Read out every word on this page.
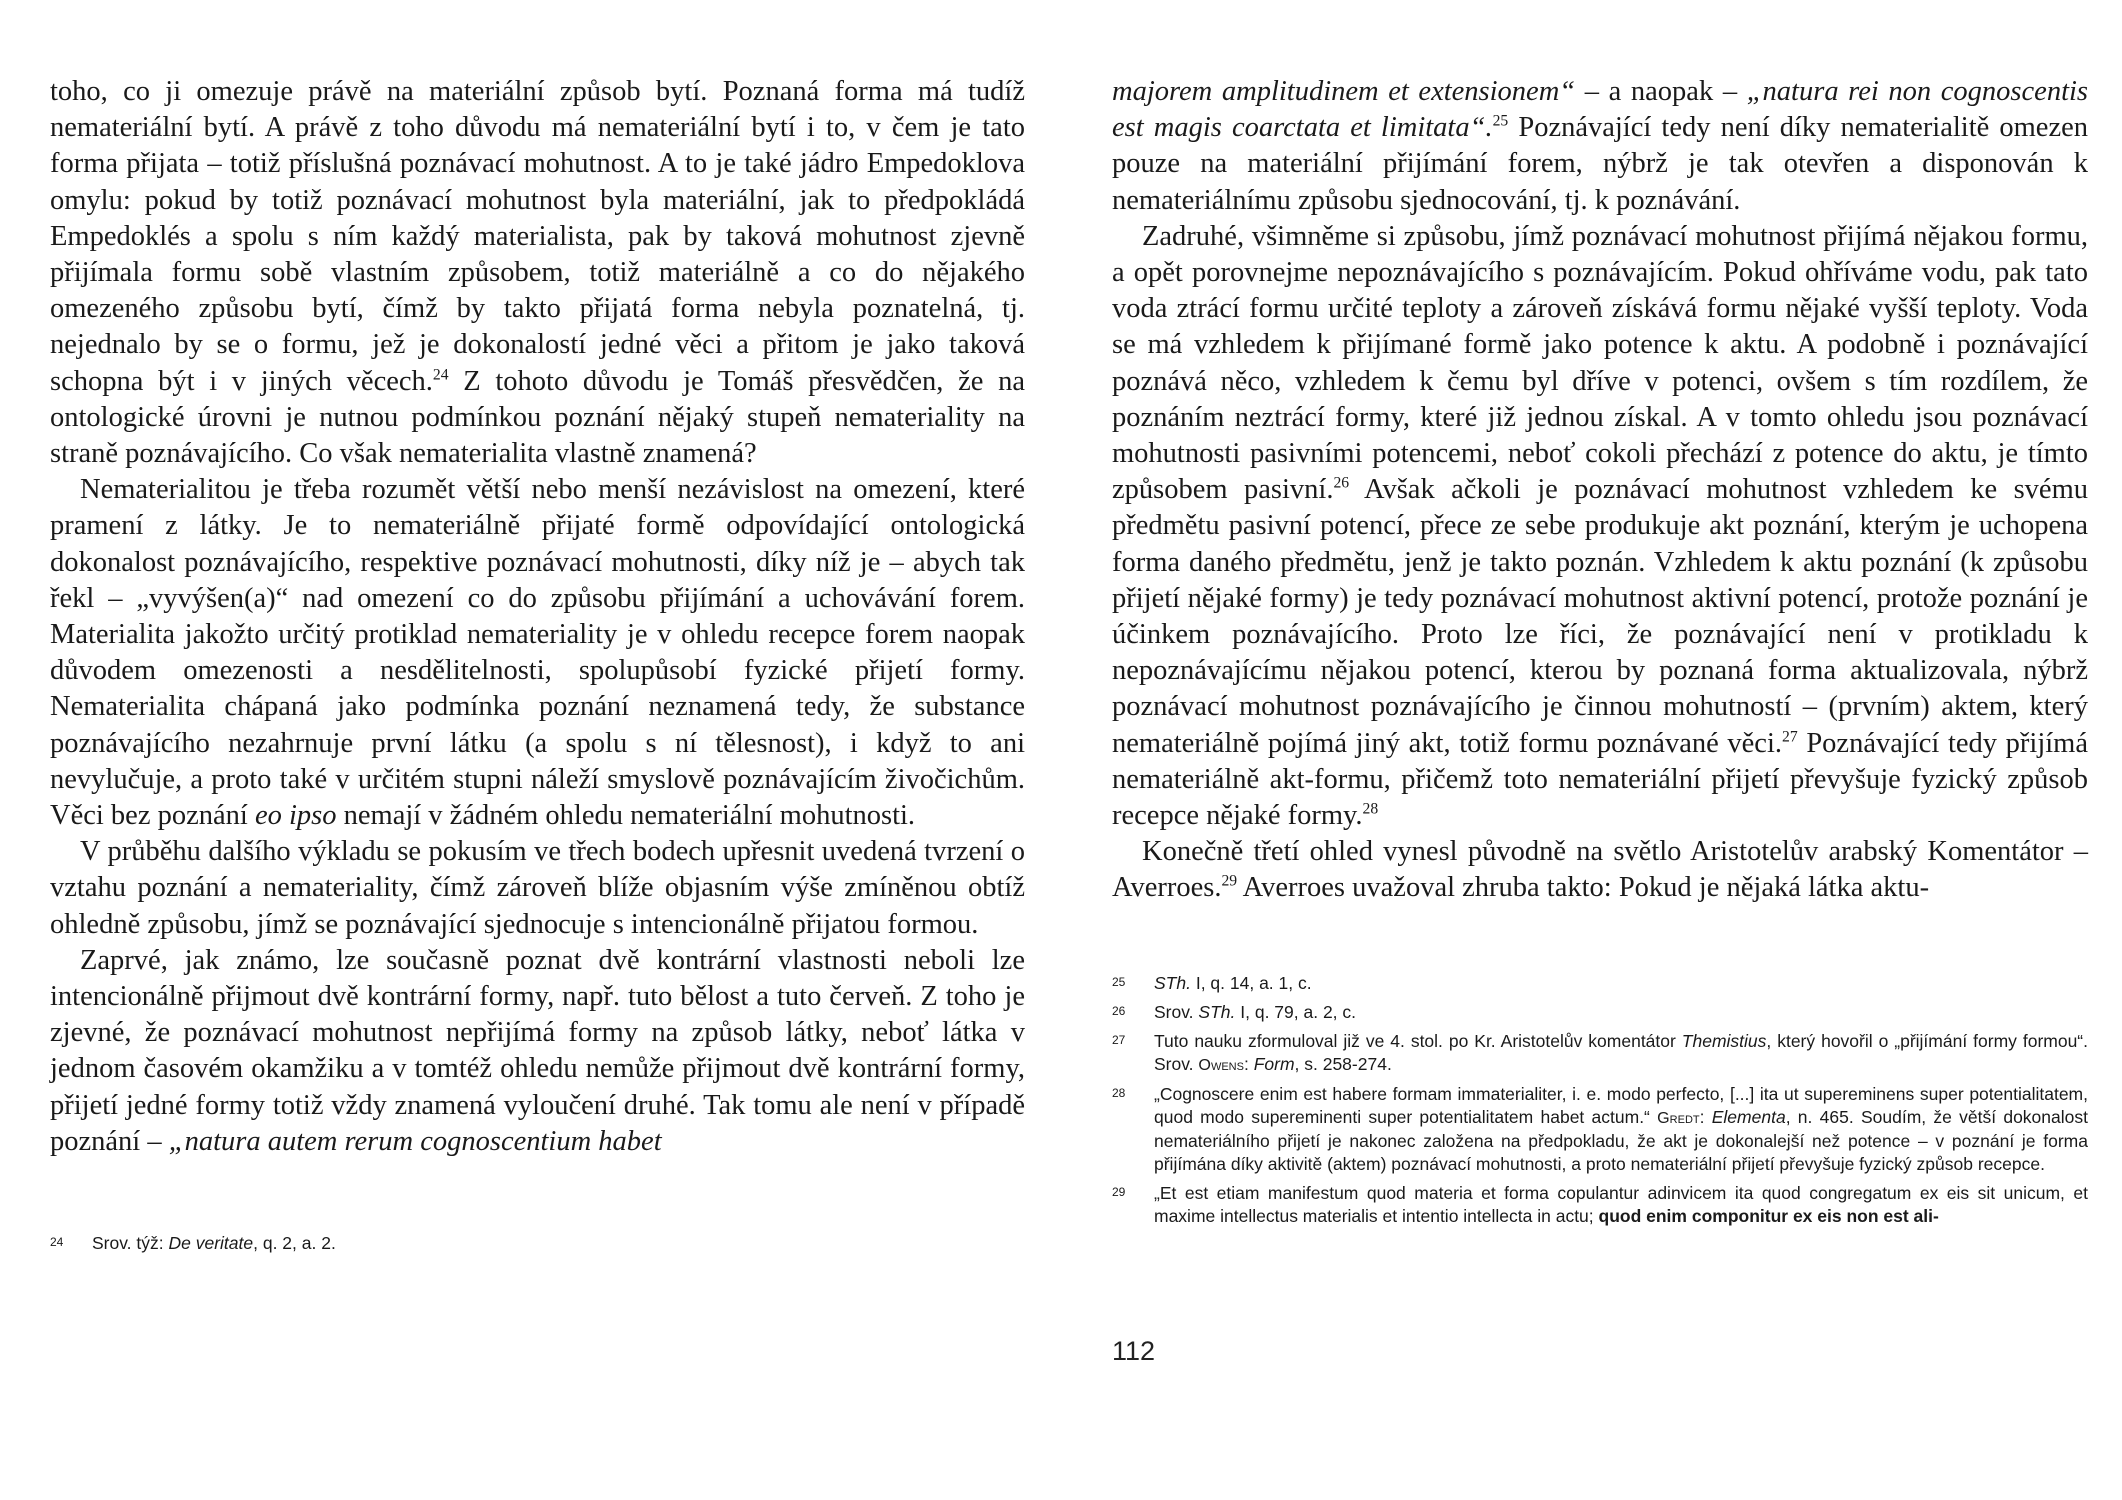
toho, co ji omezuje právě na materiální způsob bytí. Poznaná forma má tudíž nemateriální bytí. A právě z toho důvodu má nemateriální bytí i to, v čem je tato forma přijata – totiž příslušná poznávací mohutnost. A to je také jádro Empedoklova omylu: pokud by totiž poznávací mohutnost byla materiální, jak to předpokládá Empedoklés a spolu s ním každý materialista, pak by taková mohutnost zjevně přijímala formu sobě vlastním způsobem, totiž materiálně a co do nějakého omezeného způsobu bytí, čímž by takto přijatá forma nebyla poznatelná, tj. nejednalo by se o formu, jež je dokonalostí jedné věci a přitom je jako taková schopna být i v jiných věcech.$^{24}$ Z tohoto důvodu je Tomáš přesvědčen, že na ontologické úrovni je nutnou podmínkou poznání nějaký stupeň nemateriality na straně poznávajícího. Co však nematerialita vlastně znamená?

Nematerialitou je třeba rozumět větší nebo menší nezávislost na omezení, které pramení z látky. Je to nemateriálně přijaté formě odpovídající ontologická dokonalost poznávajícího, respektive poznávací mohutnosti, díky níž je – abych tak řekl – „vyvýšen(a)“ nad omezení co do způsobu přijímání a uchovávání forem. Materialita jakožto určitý protiklad nemateriality je v ohledu recepce forem naopak důvodem omezenosti a nesdělitelnosti, spolupůsobí fyzické přijetí formy. Nematerialita chápaná jako podmínka poznání neznamená tedy, že substance poznávajícího nezahrnuje první látku (a spolu s ní tělesnost), i když to ani nevylučuje, a proto také v určitém stupni náleží smyslově poznávajícím živočichům. Věci bez poznání eo ipso nemají v žádném ohledu nemateriální mohutnosti.

V průběhu dalšího výkladu se pokusím ve třech bodech upřesnit uvedená tvrzení o vztahu poznání a nemateriality, čímž zároveň blíže objasním výše zmíněnou obtíž ohledně způsobu, jímž se poznávající sjednocuje s intencionálně přijatou formou.

Zaprvé, jak známo, lze současně poznat dvě kontrární vlastnosti neboli lze intencionálně přijmout dvě kontrární formy, např. tuto bělost a tuto červeň. Z toho je zjevné, že poznávací mohutnost nepřijímá formy na způsob látky, neboť látka v jednom časovém okamžiku a v tomtéž ohledu nemůže přijmout dvě kontrární formy, přijetí jedné formy totiž vždy znamená vyloučení druhé. Tak tomu ale není v případě poznání – „natura autem rerum cognoscentium habet

24	Srov. týž: De veritate, q. 2, a. 2.

majorem amplitudinem et extensionem“ – a naopak – „natura rei non cognoscentis est magis coarctata et limitata“.$^{25}$ Poznávající tedy není díky nematerialitě omezen pouze na materiální přijímání forem, nýbrž je tak otevřen a disponován k nemateriálnímu způsobu sjednocování, tj. k poznávání.

Zadruhé, všimněme si způsobu, jímž poznávací mohutnost přijímá nějakou formu, a opět porovnejme nepoznávajícího s poznávajícím. Pokud ohříváme vodu, pak tato voda ztrácí formu určité teploty a zároveň získává formu nějaké vyšší teploty. Voda se má vzhledem k přijímané formě jako potence k aktu. A podobně i poznávající poznává něco, vzhledem k čemu byl dříve v potenci, ovšem s tím rozdílem, že poznáním neztrácí formy, které již jednou získal. A v tomto ohledu jsou poznávací mohutnosti pasivními potencemi, neboť cokoli přechází z potence do aktu, je tímto způsobem pasivní.$^{26}$ Avšak ačkoli je poznávací mohutnost vzhledem ke svému předmětu pasivní potencí, přece ze sebe produkuje akt poznání, kterým je uchopena forma daného předmětu, jenž je takto poznán. Vzhledem k aktu poznání (k způsobu přijetí nějaké formy) je tedy poznávací mohutnost aktivní potencí, protože poznání je účinkem poznávajícího. Proto lze říci, že poznávající není v protikladu k nepoznávajícímu nějakou potencí, kterou by poznaná forma aktualizovala, nýbrž poznávací mohutnost poznávajícího je činnou mohutností – (prvním) aktem, který nemateriálně pojímá jiný akt, totiž formu poznávané věci.$^{27}$ Poznávající tedy přijímá nemateriálně akt-formu, přičemž toto nemateriální přijetí převyšuje fyzický způsob recepce nějaké formy.$^{28}$

Konečně třetí ohled vynesl původně na světlo Aristotelův arabský Komentátor – Averroes.$^{29}$ Averroes uvažoval zhruba takto: Pokud je nějaká látka aktu-

25	STh. I, q. 14, a. 1, c.
26	Srov. STh. I, q. 79, a. 2, c.
27	Tuto nauku zformuloval již ve 4. stol. po Kr. Aristotelův komentátor Themistius, který hovořil o „přijímání formy formou“. Srov. Owens: Form, s. 258-274.
28	„Cognoscere enim est habere formam immaterialiter, i. e. modo perfecto, [...] ita ut supereminens super potentialitatem, quod modo supereminenti super potentialitatem habet actum.“ Gredt: Elementa, n. 465. Soudím, že větší dokonalost nemateriálního přijetí je nakonec založena na předpokladu, že akt je dokonalejší než potence – v poznání je forma přijímána díky aktivitě (aktem) poznávací mohutnosti, a proto nemateriální přijetí převyšuje fyzický způsob recepce.
29	„Et est etiam manifestum quod materia et forma copulantur adinvicem ita quod congregatum ex eis sit unicum, et maxime intellectus materialis et intentio intellecta in actu; quod enim componitur ex eis non est ali-
112
